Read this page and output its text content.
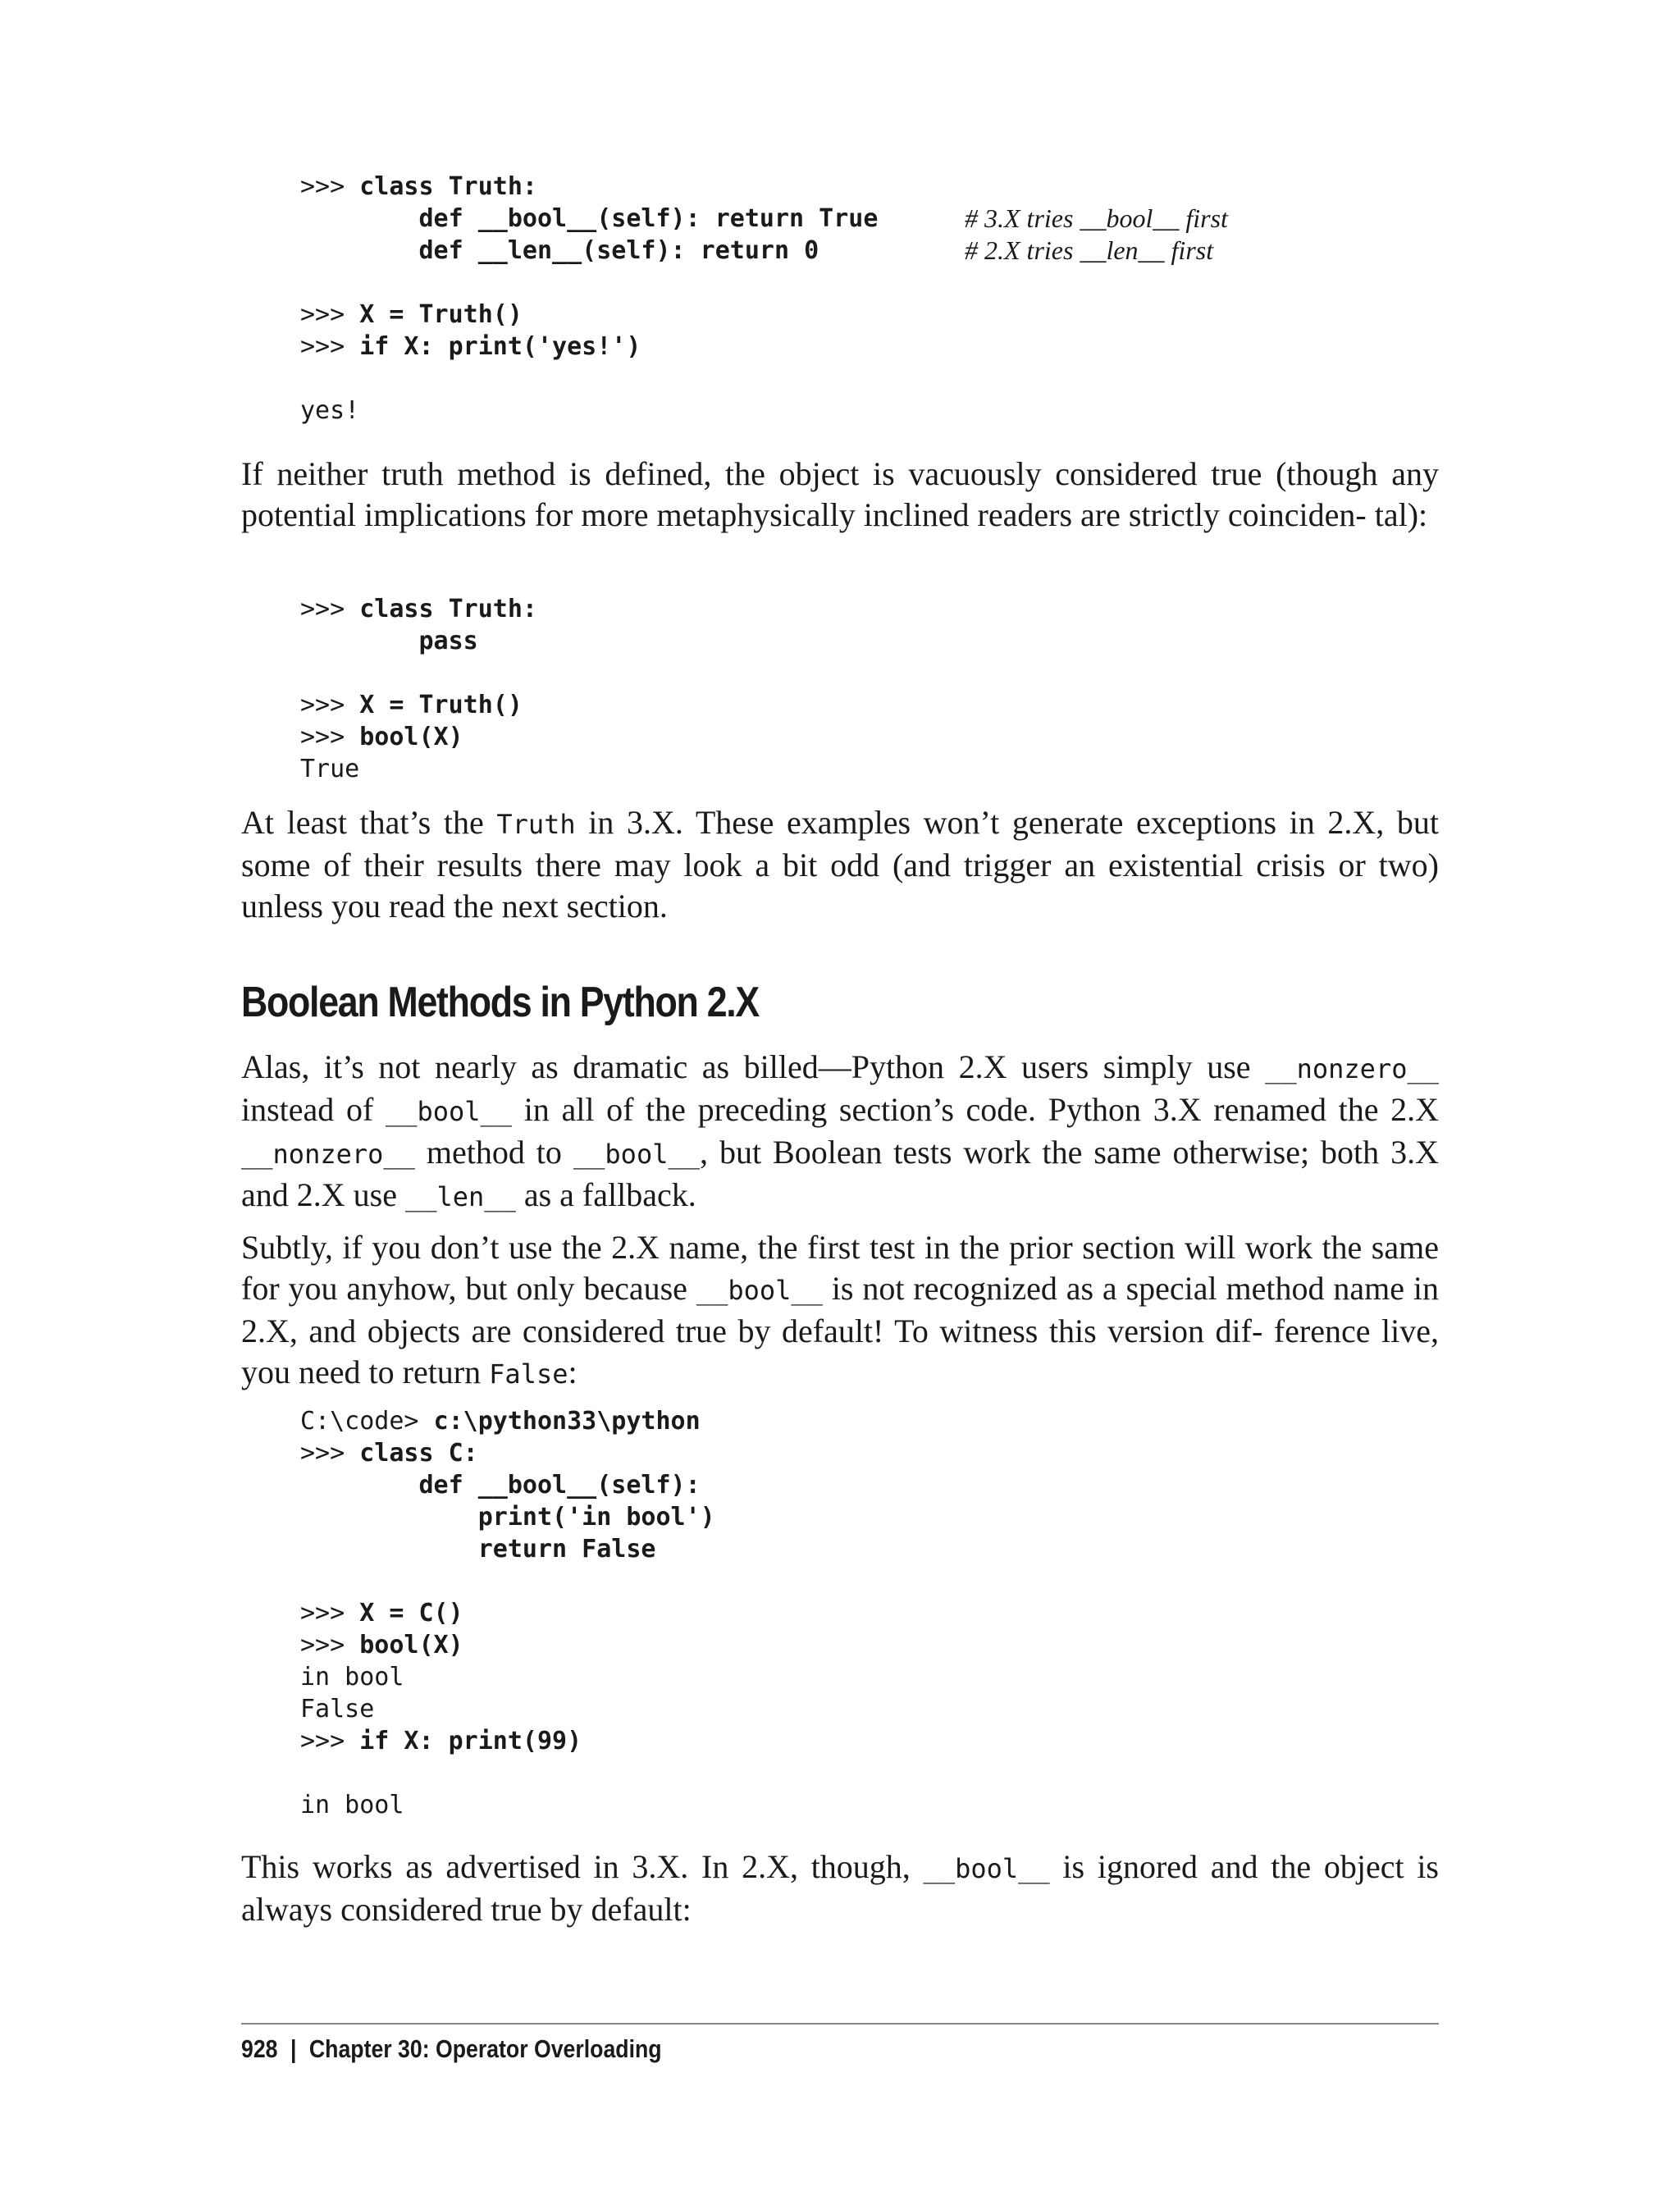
>>> class Truth:
def __bool__(self): return True	# 3.X tries __bool__ first
def __len__(self): return 0	# 2.X tries __len__ first
>>> X = Truth()
>>> if X: print('yes!')
yes!

If neither truth method is defined, the object is vacuously considered true (though any potential implications for more metaphysically inclined readers are strictly coinciden- tal):

>>> class Truth:
pass
>>> X = Truth()
>>> bool(X)
True

At least that’s the Truth in 3.X. These examples won’t generate exceptions in 2.X, but some of their results there may look a bit odd (and trigger an existential crisis or two) unless you read the next section.

Boolean Methods in Python 2.X

Alas, it’s not nearly as dramatic as billed—Python 2.X users simply use __nonzero__ instead of __bool__ in all of the preceding section’s code. Python 3.X renamed the 2.X __nonzero__ method to __bool__, but Boolean tests work the same otherwise; both 3.X and 2.X use __len__ as a fallback.

Subtly, if you don’t use the 2.X name, the first test in the prior section will work the same for you anyhow, but only because __bool__ is not recognized as a special method name in 2.X, and objects are considered true by default! To witness this version dif- ference live, you need to return False:

C:\code> c:\python33\python
>>> class C:
def __bool__(self):
print('in bool')
return False
>>> X = C()
>>> bool(X)
in bool
False
>>> if X: print(99)
in bool

This works as advertised in 3.X. In 2.X, though, __bool__ is ignored and the object is always considered true by default:

928 | Chapter 30: Operator Overloading
